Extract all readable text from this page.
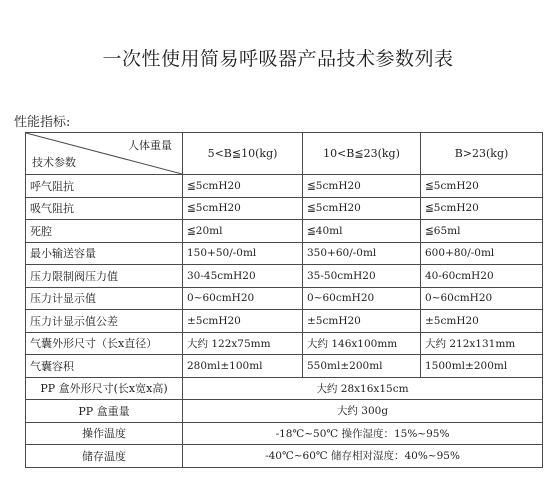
一次性使用简易呼吸器产品技术参数列表
性能指标:
人体重量
技术参数	5<B≦10(kg)	10<B≦23(kg)	B>23(kg)
呼气阻抗	≦5cmH20	≦5cmH20	≦5cmH20
吸气阻抗	≦5cmH20	≦5cmH20	≦5cmH20
死腔	≦20ml	≦40ml	≦65ml
最小输送容量	150+50/-0ml	350+60/-0ml	600+80/-0ml
压力限制阀压力值	30-45cmH20	35-50cmH20	40-60cmH20
压力计显示值	0~60cmH20	0~60cmH20	0~60cmH20
压力计显示值公差	±5cmH20	±5cmH20	±5cmH20
气囊外形尺寸（长x直径）	大约 122x75mm	大约 146x100mm	大约 212x131mm
气囊容积	280ml±100ml	550ml±200ml	1500ml±200ml
PP 盒外形尺寸(长x宽x高)	大约 28x16x15cm		
PP 盒重量	大约 300g		
操作温度	-18℃~50℃ 操作湿度：15%~95%		
储存温度	-40℃~60℃ 储存相对湿度：40%~95%		
